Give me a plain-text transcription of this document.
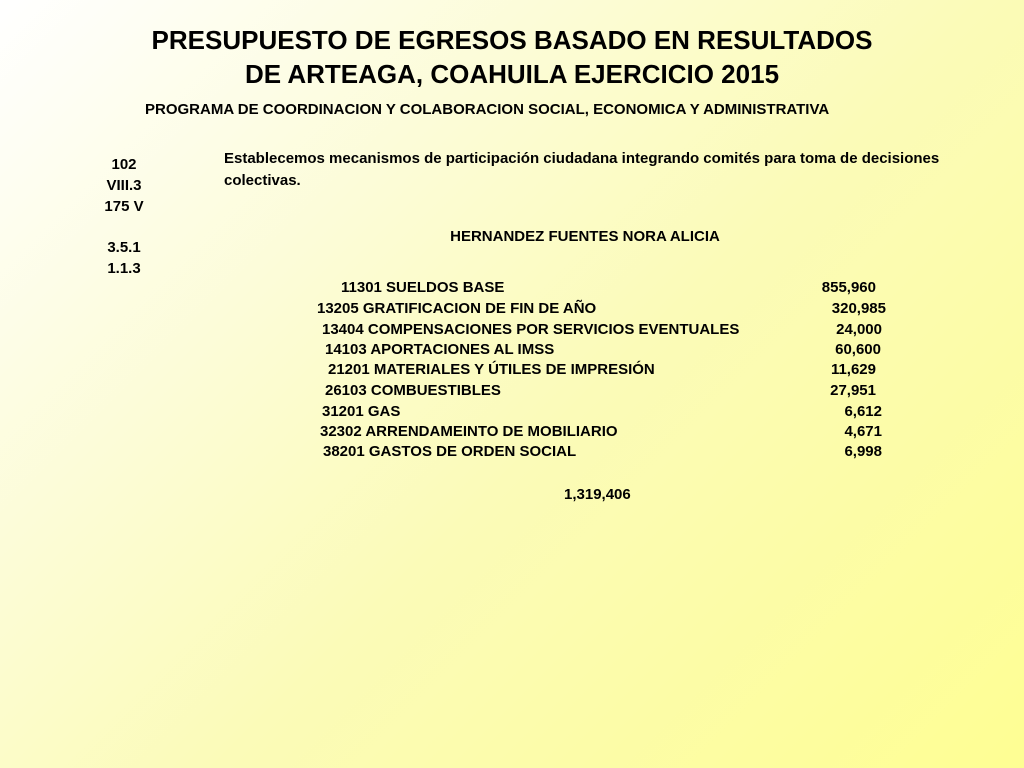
PRESUPUESTO DE EGRESOS BASADO EN RESULTADOS
DE ARTEAGA, COAHUILA EJERCICIO 2015
PROGRAMA DE COORDINACION Y COLABORACION SOCIAL, ECONOMICA Y ADMINISTRATIVA
102
VIII.3
175 V
3.5.1
1.1.3
Establecemos mecanismos de participación ciudadana integrando comités para toma de decisiones colectivas.
HERNANDEZ FUENTES NORA ALICIA
11301 SUELDOS BASE	855,960
13205 GRATIFICACION DE FIN DE AÑO	320,985
13404 COMPENSACIONES POR SERVICIOS EVENTUALES	24,000
14103 APORTACIONES AL IMSS	60,600
21201 MATERIALES Y ÚTILES DE IMPRESIÓN	11,629
26103 COMBUESTIBLES	27,951
31201 GAS	6,612
32302 ARRENDAMEINTO DE MOBILIARIO	4,671
38201 GASTOS DE ORDEN SOCIAL	6,998
1,319,406
